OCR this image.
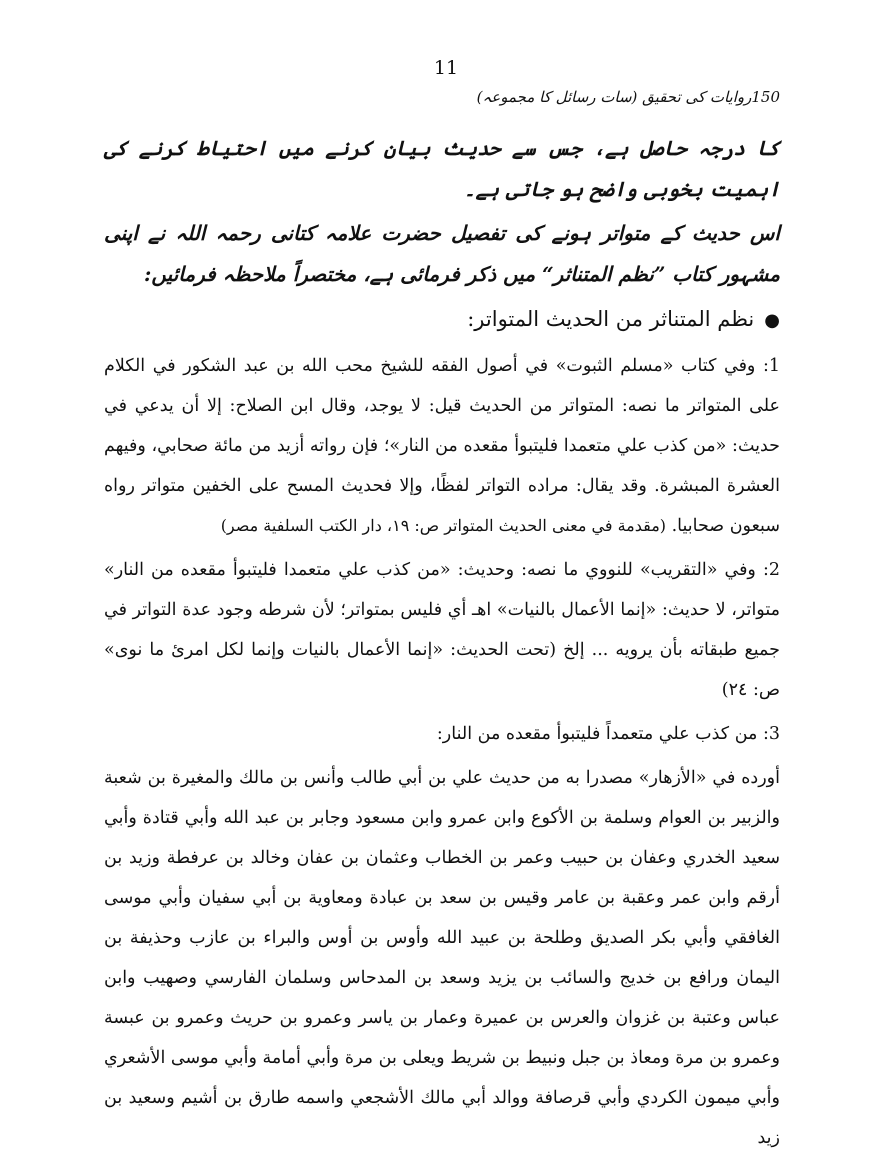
11
150روایات کی تحقیق (سات رسائل کا مجموعہ)

کا درجہ حاصل ہے، جس سے حدیث بیان کرنے میں احتیاط کرنے کی اہمیت بخوبی واضح ہو جاتی ہے۔

اس حدیث کے متواتر ہونے کی تفصیل حضرت علامہ کتانی رحمہ اللہ نے اپنی مشہور کتاب ”نظم المتناثر“ میں ذکر فرمائی ہے، مختصراً ملاحظہ فرمائیں:

●نظم المتناثر من الحديث المتواتر:

1: وفي كتاب «مسلم الثبوت» في أصول الفقه للشيخ محب الله بن عبد الشكور في الكلام على المتواتر ما نصه: المتواتر من الحديث قيل: لا يوجد، وقال ابن الصلاح: إلا أن يدعي في حديث: «من كذب علي متعمدا فليتبوأ مقعده من النار»؛ فإن رواته أزيد من مائة صحابي، وفيهم العشرة المبشرة. وقد يقال: مراده التواتر لفظًا، وإلا فحديث المسح على الخفين متواتر رواه سبعون صحابيا. (مقدمة في معنى الحديث المتواتر ص: ١٩، دار الكتب السلفية مصر)

2: وفي «التقريب» للنووي ما نصه: وحديث: «من كذب علي متعمدا فليتبوأ مقعده من النار» متواتر، لا حديث: «إنما الأعمال بالنيات» اهـ أي فليس بمتواتر؛ لأن شرطه وجود عدة التواتر في جميع طبقاته بأن يرويه ... إلخ (تحت الحديث: «إنما الأعمال بالنيات وإنما لكل امرئ ما نوى» ص: ٢٤)

3: من كذب علي متعمداً فليتبوأ مقعده من النار:

أورده في «الأزهار» مصدرا به من حديث علي بن أبي طالب وأنس بن مالك والمغيرة بن شعبة والزبير بن العوام وسلمة بن الأكوع وابن عمرو وابن مسعود وجابر بن عبد الله وأبي قتادة وأبي سعيد الخدري وعفان بن حبيب وعمر بن الخطاب وعثمان بن عفان وخالد بن عرفطة وزيد بن أرقم وابن عمر وعقبة بن عامر وقيس بن سعد بن عبادة ومعاوية بن أبي سفيان وأبي موسى الغافقي وأبي بكر الصديق وطلحة بن عبيد الله وأوس بن أوس والبراء بن عازب وحذيفة بن اليمان ورافع بن خديج والسائب بن يزيد وسعد بن المدحاس وسلمان الفارسي وصهيب وابن عباس وعتبة بن غزوان والعرس بن عميرة وعمار بن ياسر وعمرو بن حريث وعمرو بن عبسة وعمرو بن مرة ومعاذ بن جبل ونبيط بن شريط ويعلى بن مرة وأبي أمامة وأبي موسى الأشعري وأبي ميمون الكردي وأبي قرصافة ووالد أبي مالك الأشجعي واسمه طارق بن أشيم وسعيد بن زيد
